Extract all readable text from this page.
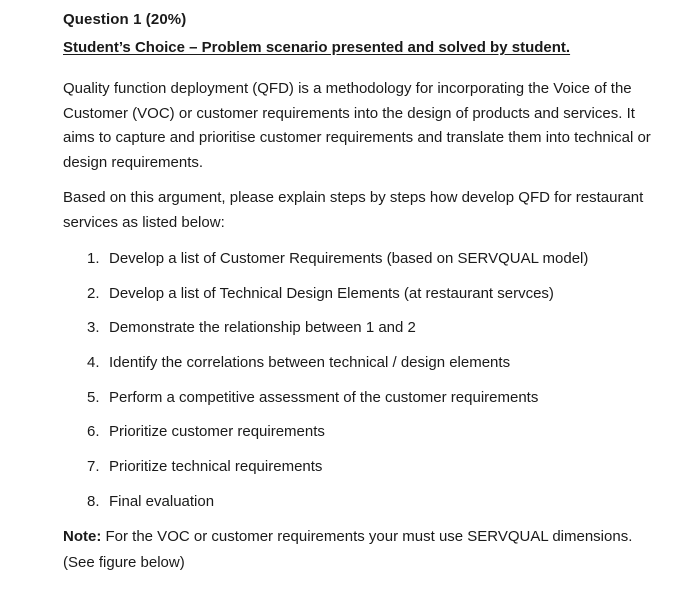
Question 1 (20%)
Student’s Choice – Problem scenario presented and solved by student.
Quality function deployment (QFD) is a methodology for incorporating the Voice of the Customer (VOC) or customer requirements into the design of products and services. It aims to capture and prioritise customer requirements and translate them into technical or design requirements.
Based on this argument, please explain steps by steps how develop QFD for restaurant services as listed below:
1. Develop a list of Customer Requirements (based on SERVQUAL model)
2. Develop a list of Technical Design Elements (at restaurant servces)
3. Demonstrate the relationship between 1 and 2
4. Identify the correlations between technical / design elements
5. Perform a competitive assessment of the customer requirements
6. Prioritize customer requirements
7. Prioritize technical requirements
8. Final evaluation
Note: For the VOC or customer requirements your must use SERVQUAL dimensions. (See figure below)
